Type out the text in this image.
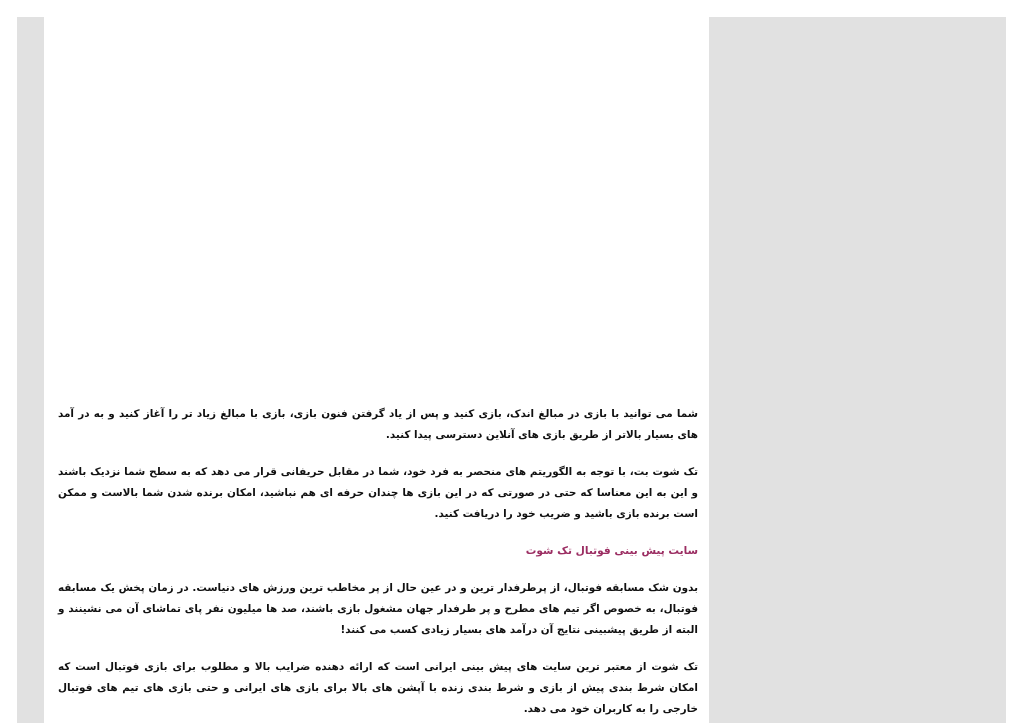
شما می توانید با بازی در مبالغ اندک، بازی کنید و پس از یاد گرفتن فنون بازی، بازی با مبالغ زیاد تر را آغاز کنید و به در آمد های بسیار بالاتر از طریق بازی های آنلاین دسترسی پیدا کنید.

تک شوت بت، با توجه به الگوریتم های منحصر به فرد خود، شما در مقابل حریفانی قرار می دهد که به سطح شما نزدیک باشند و این به این معناسا که حتی در صورتی که در این بازی ها چندان حرفه ای هم نباشید، امکان برنده شدن شما بالاست و ممکن است برنده بازی باشید و ضریب خود را دریافت کنید.

سایت پیش بینی فوتبال تک شوت

بدون شک مسابقه فوتبال، از پرطرفدار ترین و در عین حال از پر مخاطب ترین ورزش های دنیاست. در زمان پخش یک مسابقه فوتبال، به خصوص اگر تیم های مطرح و پر طرفدار جهان مشغول بازی باشند، صد ها میلیون نفر پای تماشای آن می نشینند و البته از طریق پیشبینی نتایج آن درآمد های بسیار زیادی کسب می کنند!

تک شوت از معتبر ترین سایت های پیش بینی ایرانی است که ارائه دهنده ضرایب بالا و مطلوب برای بازی فوتبال است که امکان شرط بندی پیش از بازی و شرط بندی زنده با آپشن های بالا برای بازی های ایرانی و حتی بازی های تیم های فوتبال خارجی را به کاربران خود می دهد.
